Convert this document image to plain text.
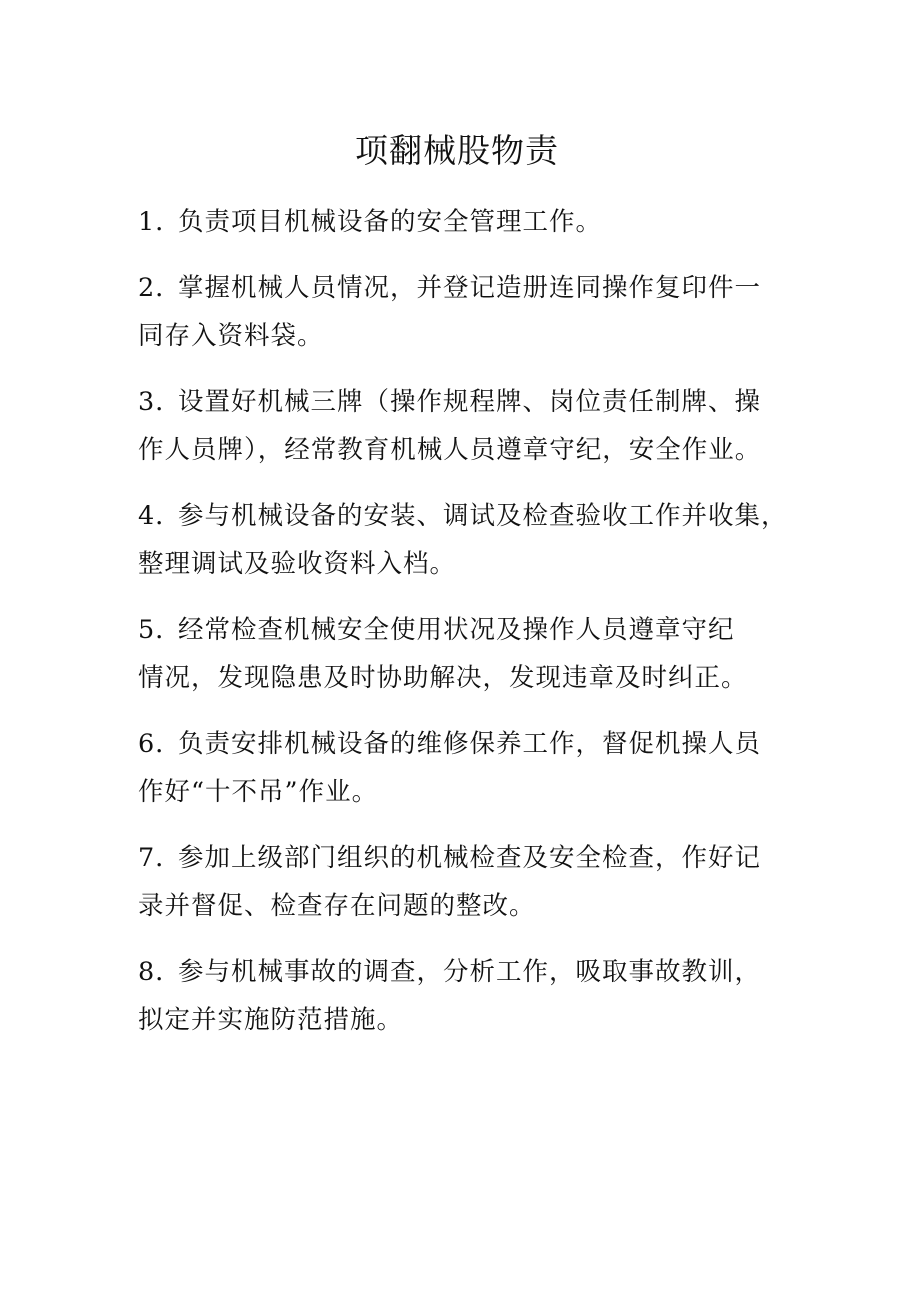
项翻械股物责
1．负责项目机械设备的安全管理工作。
2．掌握机械人员情况，并登记造册连同操作复印件一
同存入资料袋。
3．设置好机械三牌（操作规程牌、岗位责任制牌、操
作人员牌），经常教育机械人员遵章守纪，安全作业。
4．参与机械设备的安装、调试及检查验收工作并收集，
整理调试及验收资料入档。
5．经常检查机械安全使用状况及操作人员遵章守纪
情况，发现隐患及时协助解决，发现违章及时纠正。
6．负责安排机械设备的维修保养工作，督促机操人员
作好“十不吊”作业。
7．参加上级部门组织的机械检查及安全检查，作好记
录并督促、检查存在问题的整改。
8．参与机械事故的调查，分析工作，吸取事故教训，
拟定并实施防范措施。
